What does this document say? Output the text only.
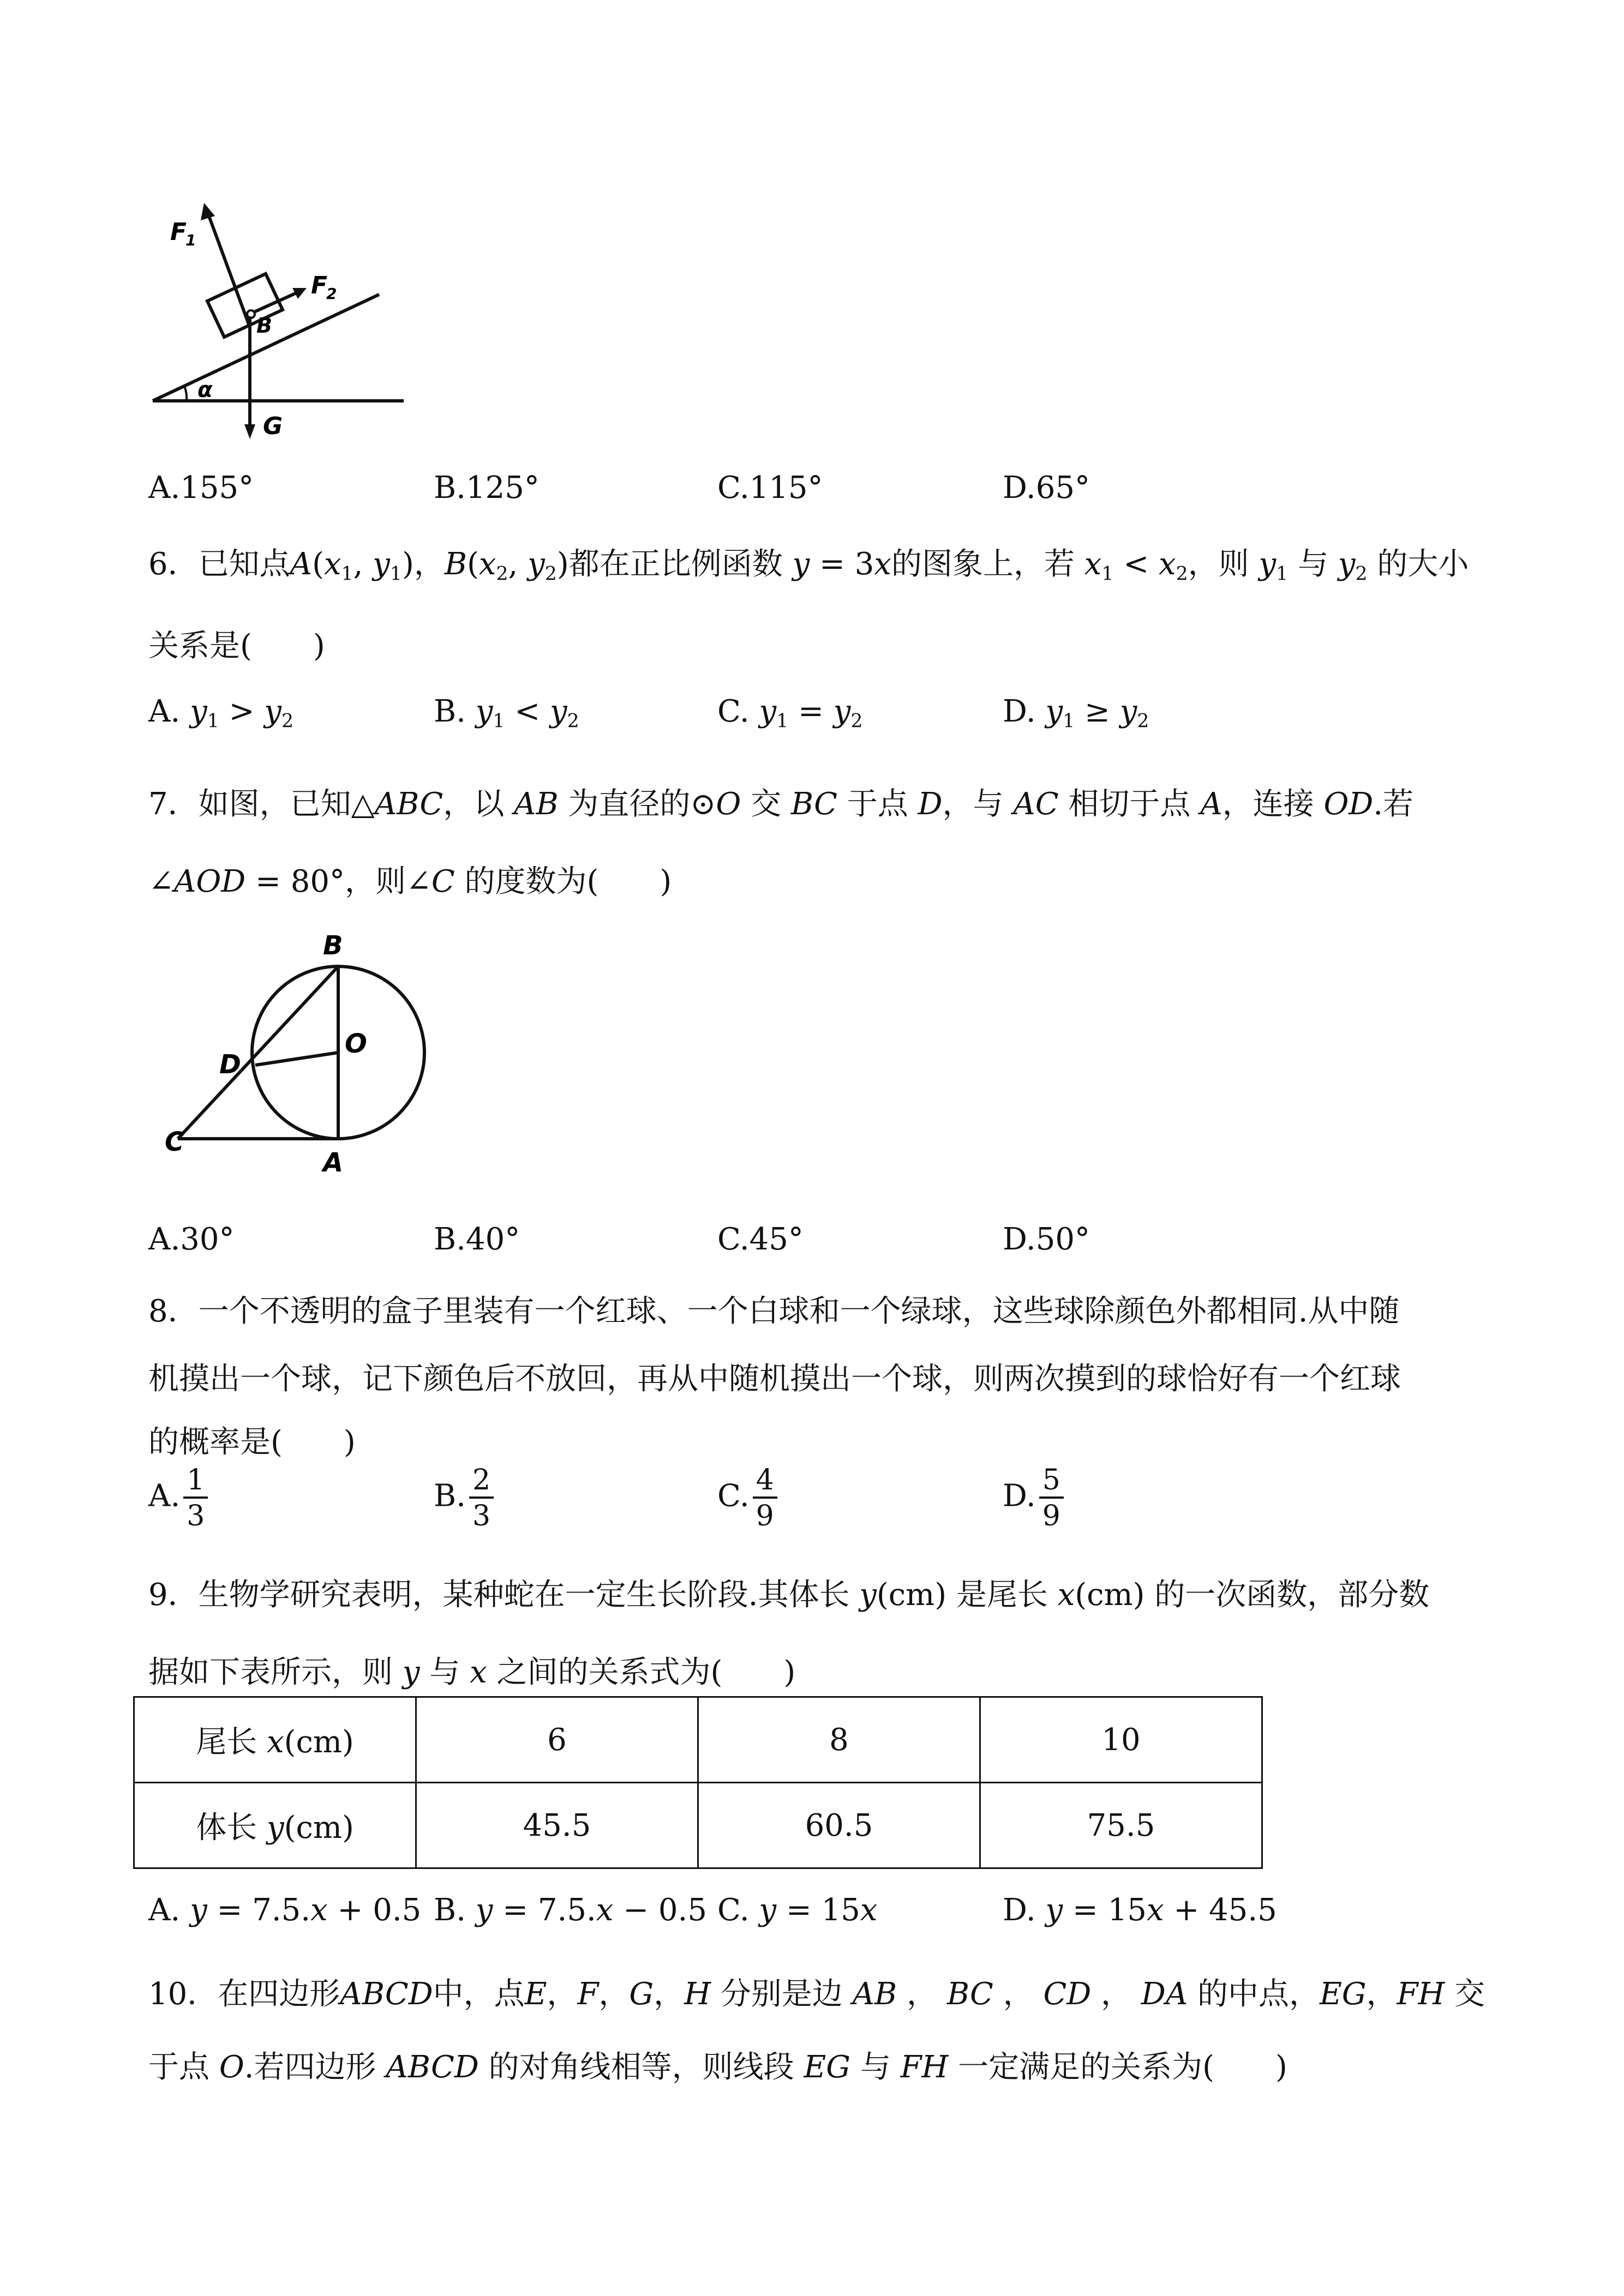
F
1
F
2
B
α
G
A.155°	B.125°	C.115°	D.65°
6．已知点$A(x_1$, $y_1$)，$B(x_2$, $y_2$)都在正比例函数 y = 3x的图象上，若 $x_1 < x_2$，则 $y_1$ 与 $y_2$ 的大小
关系是(　　)
A. $y_1 > y_2$	B. $y_1 < y_2$	C. $y_1 = y_2$	D. $y_1 \ge y_2$
7．如图，已知△ABC，以 AB 为直径的⊙O 交 BC 于点 D，与 AC 相切于点 A，连接 OD.若
∠AOD = 80°，则∠C 的度数为(　　)
B
O
D
C
A
A.30°	B.40°	C.45°	D.50°
8．一个不透明的盒子里装有一个红球、一个白球和一个绿球，这些球除颜色外都相同.从中随
机摸出一个球，记下颜色后不放回，再从中随机摸出一个球，则两次摸到的球恰好有一个红球
的概率是(　　)
A. $\frac{1}{3}$	B. $\frac{2}{3}$	C. $\frac{4}{9}$	D. $\frac{5}{9}$
9．生物学研究表明，某种蛇在一定生长阶段.其体长 y(cm) 是尾长 x(cm) 的一次函数，部分数
据如下表所示，则 y 与 x 之间的关系式为(　　)
尾长 x(cm)	6	8	10
体长 y(cm)	45.5	60.5	75.5
A. y = 7.5.x + 0.5 B. y = 7.5.x − 0.5 C. y = 15x	D. y = 15x + 45.5
10．在四边形ABCD中，点E，F，G，H 分别是边 AB ， BC ， CD ， DA 的中点，EG，FH 交
于点 O.若四边形 ABCD 的对角线相等，则线段 EG 与 FH 一定满足的关系为(　　)
